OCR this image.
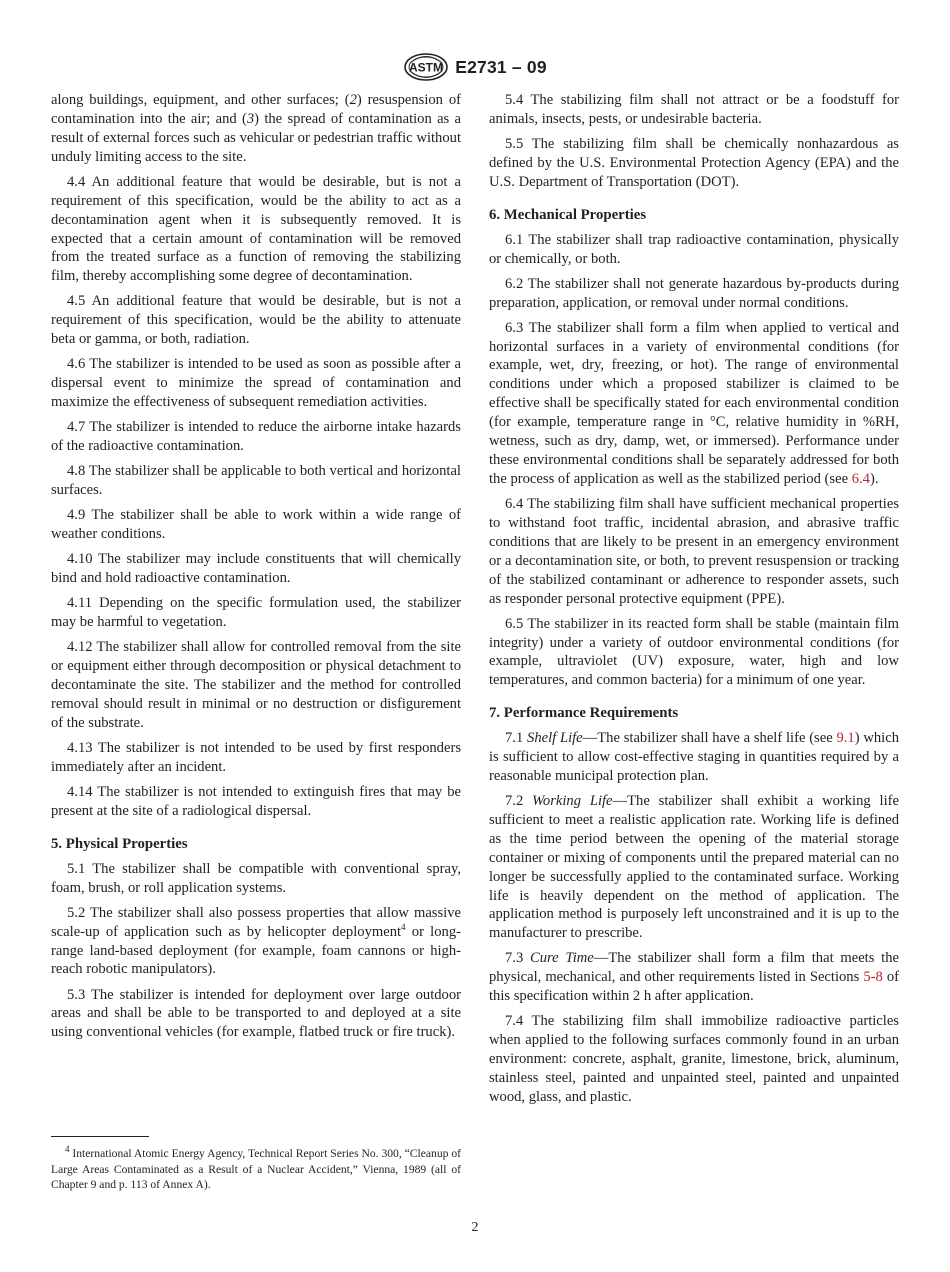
ASTM E2731 – 09

along buildings, equipment, and other surfaces; (2) resuspension of contamination into the air; and (3) the spread of contamination as a result of external forces such as vehicular or pedestrian traffic without unduly limiting access to the site.

4.4 An additional feature that would be desirable, but is not a requirement of this specification, would be the ability to act as a decontamination agent when it is subsequently removed. It is expected that a certain amount of contamination will be removed from the treated surface as a function of removing the stabilizing film, thereby accomplishing some degree of decontamination.

4.5 An additional feature that would be desirable, but is not a requirement of this specification, would be the ability to attenuate beta or gamma, or both, radiation.

4.6 The stabilizer is intended to be used as soon as possible after a dispersal event to minimize the spread of contamination and maximize the effectiveness of subsequent remediation activities.

4.7 The stabilizer is intended to reduce the airborne intake hazards of the radioactive contamination.

4.8 The stabilizer shall be applicable to both vertical and horizontal surfaces.

4.9 The stabilizer shall be able to work within a wide range of weather conditions.

4.10 The stabilizer may include constituents that will chemically bind and hold radioactive contamination.

4.11 Depending on the specific formulation used, the stabilizer may be harmful to vegetation.

4.12 The stabilizer shall allow for controlled removal from the site or equipment either through decomposition or physical detachment to decontaminate the site. The stabilizer and the method for controlled removal should result in minimal or no destruction or disfigurement of the substrate.

4.13 The stabilizer is not intended to be used by first responders immediately after an incident.

4.14 The stabilizer is not intended to extinguish fires that may be present at the site of a radiological dispersal.

5. Physical Properties

5.1 The stabilizer shall be compatible with conventional spray, foam, brush, or roll application systems.

5.2 The stabilizer shall also possess properties that allow massive scale-up of application such as by helicopter deployment$^4$ or long-range land-based deployment (for example, foam cannons or high-reach robotic manipulators).

5.3 The stabilizer is intended for deployment over large outdoor areas and shall be able to be transported to and deployed at a site using conventional vehicles (for example, flatbed truck or fire truck).

$^4$ International Atomic Energy Agency, Technical Report Series No. 300, “Cleanup of Large Areas Contaminated as a Result of a Nuclear Accident,” Vienna, 1989 (all of Chapter 9 and p. 113 of Annex A).

5.4 The stabilizing film shall not attract or be a foodstuff for animals, insects, pests, or undesirable bacteria.

5.5 The stabilizing film shall be chemically nonhazardous as defined by the U.S. Environmental Protection Agency (EPA) and the U.S. Department of Transportation (DOT).

6. Mechanical Properties

6.1 The stabilizer shall trap radioactive contamination, physically or chemically, or both.

6.2 The stabilizer shall not generate hazardous by-products during preparation, application, or removal under normal conditions.

6.3 The stabilizer shall form a film when applied to vertical and horizontal surfaces in a variety of environmental conditions (for example, wet, dry, freezing, or hot). The range of environmental conditions under which a proposed stabilizer is claimed to be effective shall be specifically stated for each environmental condition (for example, temperature range in °C, relative humidity in %RH, wetness, such as dry, damp, wet, or immersed). Performance under these environmental conditions shall be separately addressed for both the process of application as well as the stabilized period (see 6.4).

6.4 The stabilizing film shall have sufficient mechanical properties to withstand foot traffic, incidental abrasion, and abrasive traffic conditions that are likely to be present in an emergency environment or a decontamination site, or both, to prevent resuspension or tracking of the stabilized contaminant or adherence to responder assets, such as responder personal protective equipment (PPE).

6.5 The stabilizer in its reacted form shall be stable (maintain film integrity) under a variety of outdoor environmental conditions (for example, ultraviolet (UV) exposure, water, high and low temperatures, and common bacteria) for a minimum of one year.

7. Performance Requirements

7.1 Shelf Life—The stabilizer shall have a shelf life (see 9.1) which is sufficient to allow cost-effective staging in quantities required by a reasonable municipal protection plan.

7.2 Working Life—The stabilizer shall exhibit a working life sufficient to meet a realistic application rate. Working life is defined as the time period between the opening of the material storage container or mixing of components until the prepared material can no longer be successfully applied to the contaminated surface. Working life is heavily dependent on the method of application. The application method is purposely left unconstrained and it is up to the manufacturer to prescribe.

7.3 Cure Time—The stabilizer shall form a film that meets the physical, mechanical, and other requirements listed in Sections 5-8 of this specification within 2 h after application.

7.4 The stabilizing film shall immobilize radioactive particles when applied to the following surfaces commonly found in an urban environment: concrete, asphalt, granite, limestone, brick, aluminum, stainless steel, painted and unpainted steel, painted and unpainted wood, glass, and plastic.

2
